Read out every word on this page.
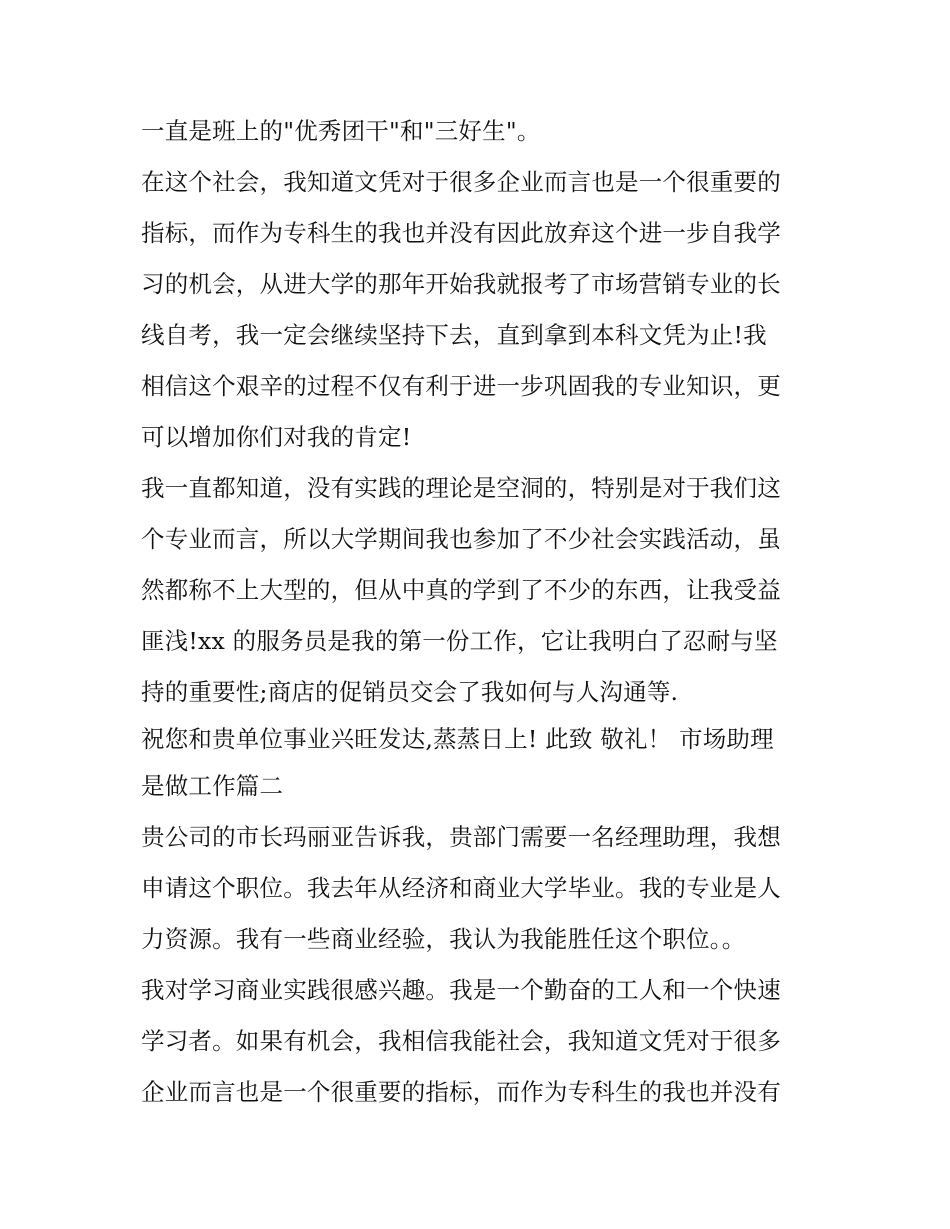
一直是班上的"优秀团干"和"三好生"。
在这个社会，我知道文凭对于很多企业而言也是一个很重要的
指标，而作为专科生的我也并没有因此放弃这个进一步自我学
习的机会，从进大学的那年开始我就报考了市场营销专业的长
线自考，我一定会继续坚持下去，直到拿到本科文凭为止!我
相信这个艰辛的过程不仅有利于进一步巩固我的专业知识，更
可以增加你们对我的肯定!
我一直都知道，没有实践的理论是空洞的，特别是对于我们这
个专业而言，所以大学期间我也参加了不少社会实践活动，虽
然都称不上大型的，但从中真的学到了不少的东西，让我受益
匪浅!xx 的服务员是我的第一份工作，它让我明白了忍耐与坚
持的重要性;商店的促销员交会了我如何与人沟通等.
祝您和贵单位事业兴旺发达,蒸蒸日上! 此致 敬礼！ 市场助理
是做工作篇二
贵公司的市长玛丽亚告诉我，贵部门需要一名经理助理，我想
申请这个职位。我去年从经济和商业大学毕业。我的专业是人
力资源。我有一些商业经验，我认为我能胜任这个职位。。
我对学习商业实践很感兴趣。我是一个勤奋的工人和一个快速
学习者。如果有机会，我相信我能社会，我知道文凭对于很多
企业而言也是一个很重要的指标，而作为专科生的我也并没有
